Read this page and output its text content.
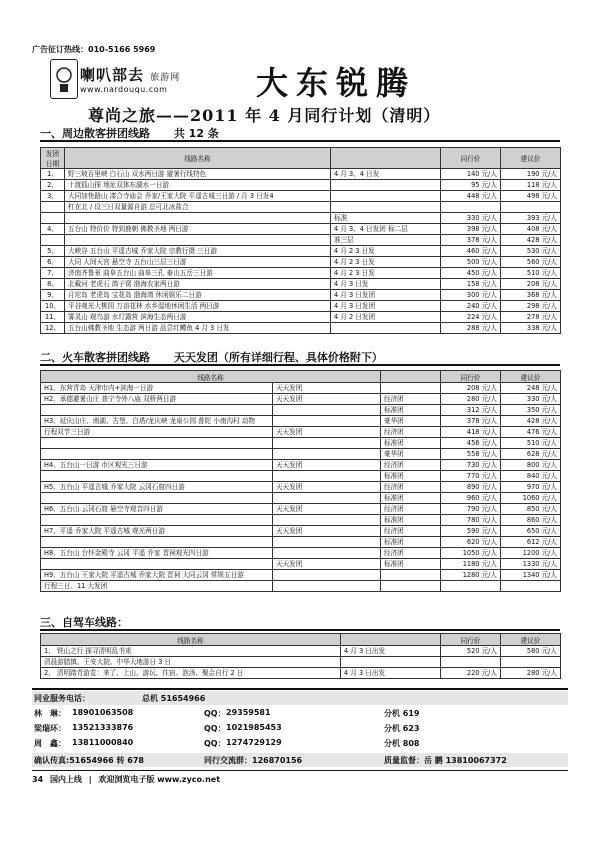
广告征订热线：010-5166 5969
喇叭部去 旅游网
www.nardouqu.com	大东锐腾
尊尚之旅——2011 年 4 月同行计划（清明）
一、周边散客拼团线路 共 12 条
发团日期	线路名称		同行价	建议价
1、	野三坡百里峡 白石山 双水两日游 避暑行线特色	4 月 3、4 日发	140 元/人	190 元/人
2、	十渡狐山探 地址双体东湖水一日游		95 元/人	118 元/人
3、	大同加快路山 凑合寺庙会 乔家/王家大院 平遥古城三日游 / 月 3 日发4		448 元/人	498 元/人
	杠在北 / 设三日双量源自游 总可北冰盐合			
		标准	330 元/人	393 元/人
4、	五台山 特价价 特到鹿朝 佛教圣地 两日游	4 月 3、4 日发团 标二层	398 元/人	408 元/人
		准三层	378 元/人	428 元/人
5、	大峡谷 五台山 平遥古城 乔家大院 宗教行摄 三日游	4 月 2 3 日发	460 元/人	530 元/人
6、	大同 人间天宫 悬空寺 五台山三层三日游	4 月 2 3 日发	500 元/人	560 元/人
7、	济南齐鲁景 曲阜五台山 曲阜三孔 泰山五岳三日游	4 月 2 3 日发	450 元/人	510 元/人
8、	北戴河 老虎石 鸽子窝 渤海农家两日游	4 月 3 日发	158 元/人	208 元/人
9、	月坨岛 老虎岛 宝花岛 渤海湾 休闲娱乐二日游	4 月 3 日发团	300 元/人	368 元/人
10、	平谷观光大桃园 万亩花林 水乡湿地休闲生活 两日游	4 月 3 日发团	240 元/人	298 元/人
11、	雾灵山 观鸟游 水灯露营 滨海生态两日游	4 月 2 日发团	224 元/人	278 元/人
12、	五台山佛教圣地 生态游 两日游 品尝红鳟鱼 4 月 3 日发		288 元/人	338 元/人
二、火车散客拼团线路 天天发团（所有详细行程、具体价格附下）
线路名称			同行价	建议价
H1、东营青岛 天津市内+滨海一日游	天天发团		208 元/人	248 元/人
H2、承德避暑山庄 普宁寺外八庙 双桥两日游	天天发团	经济团	280 元/人	330 元/人
		标准团	312 元/人	350 元/人
H3、延庆山庄、南湖、古堡、白塔/龙庆峡 龙泉公园 普陀 小南沟村 动物		豪华团	378 元/人	428 元/人
行程双节三日游	天天发团	经济团	418 元/人	476 元/人
		标准团	456 元/人	510 元/人
		豪华团	558 元/人	628 元/人
H4、五台山一日游 市区观光三日游	天天发团	经济团	730 元/人	800 元/人
		标准团	770 元/人	840 元/人
H5、五台山 平遥古城 乔家大院 云冈石窟四日游	天天发团	经济团	890 元/人	970 元/人
		标准团	960 元/人	1060 元/人
H6、五台山 云冈石窟 悬空寺观音四日游	天天发团	经济团	790 元/人	850 元/人
		标准团	780 元/人	860 元/人
H7、平遥 乔家大院 平遥古城 观光两日游	天天发团	经济团	590 元/人	650 元/人
		标准团	620 元/人	612 元/人
H8、五台山 台怀金殿寺 云冈 平遥 乔家 晋祠观光四日游		经济团	1050 元/人	1200 元/人
	天天发团	标准团	1180 元/人	1330 元/人
H9、五台山 王家大院 平遥古城 乔家大院 晋祠 大同云冈 常规五日游			1280 元/人	1340 元/人
行程三日、11 大发团				
三、自驾车线路：
线路名称		同行价	建议价
1、 铁山之行 探寻清明乱书束	4 月 3 日出发	520 元/人	580 元/人
清晨游腊镇、王安大院、中华大地游日 3 日			
2、 清明踏青游览：来了、上山、游玩、住宿、泡汤、聚会自行 2 日	4 月 3 日出发	220 元/人	280 元/人
同业服务电话：	总机 51654966
林　琳： 18901063508	QQ： 29359581	分机 619
梁瑞环： 13521333876	QQ： 1021985453	分机 623
周　鑫： 13811000840	QQ： 1274729129	分机 808
确认传真:51654966 转 678	同行交流群：126870156	质量监督：岳 鹏 13810067372
34 国内上线 | 欢迎浏览电子版 www.zyco.net
